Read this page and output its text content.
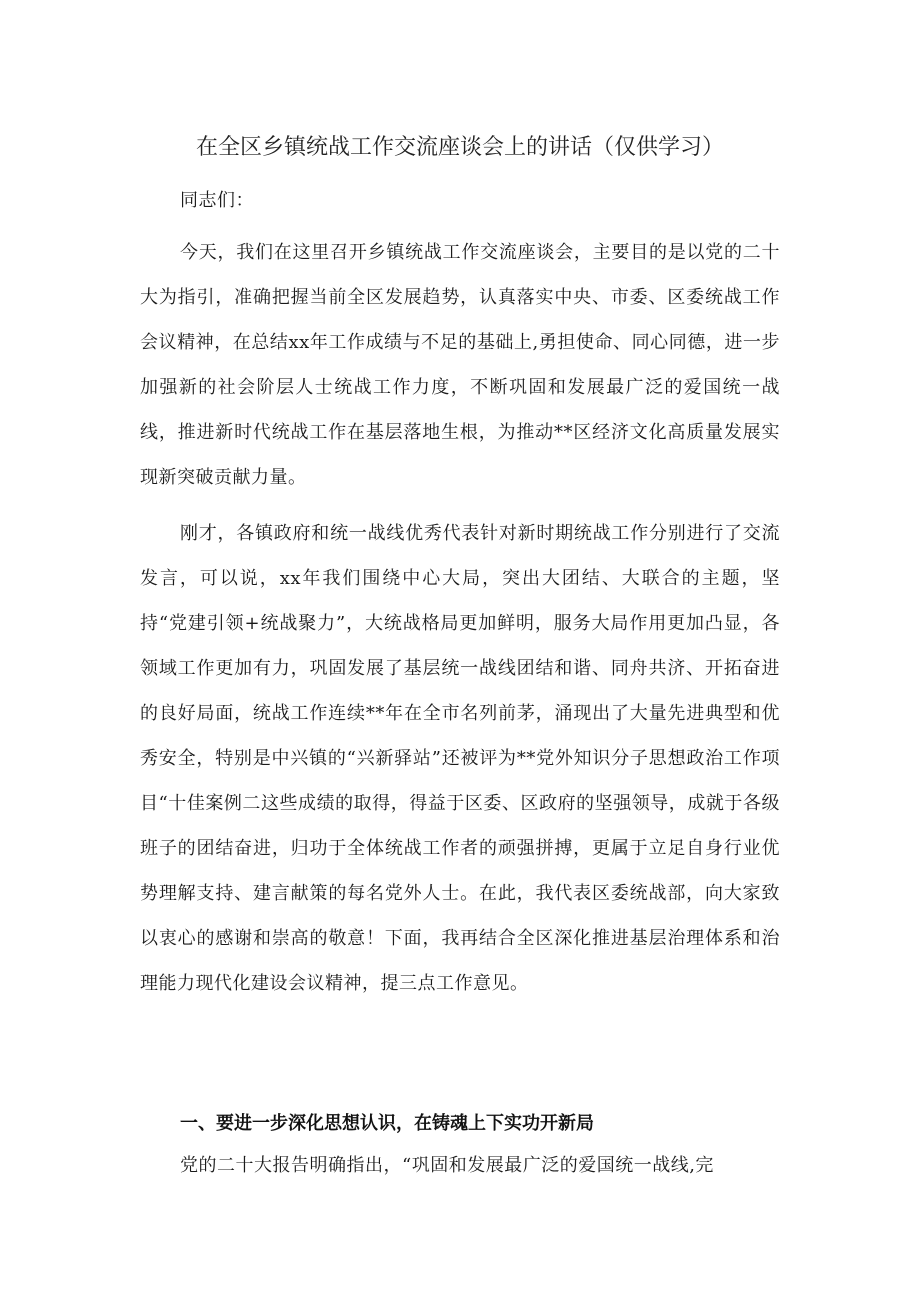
在全区乡镇统战工作交流座谈会上的讲话（仅供学习）

同志们：

今天，我们在这里召开乡镇统战工作交流座谈会，主要目的是以党的二十大为指引，准确把握当前全区发展趋势，认真落实中央、市委、区委统战工作会议精神，在总结xx年工作成绩与不足的基础上,勇担使命、同心同德，进一步加强新的社会阶层人士统战工作力度，不断巩固和发展最广泛的爱国统一战线，推进新时代统战工作在基层落地生根，为推动**区经济文化高质量发展实现新突破贡献力量。

刚才，各镇政府和统一战线优秀代表针对新时期统战工作分别进行了交流发言，可以说，xx年我们围绕中心大局，突出大团结、大联合的主题，坚持“党建引领+统战聚力”，大统战格局更加鲜明，服务大局作用更加凸显，各领域工作更加有力，巩固发展了基层统一战线团结和谐、同舟共济、开拓奋进的良好局面，统战工作连续**年在全市名列前茅，涌现出了大量先进典型和优秀安全，特别是中兴镇的“兴新驿站”还被评为**党外知识分子思想政治工作项目“十佳案例二这些成绩的取得，得益于区委、区政府的坚强领导，成就于各级班子的团结奋进，归功于全体统战工作者的顽强拼搏，更属于立足自身行业优势理解支持、建言献策的每名党外人士。在此，我代表区委统战部，向大家致以衷心的感谢和崇高的敬意！下面，我再结合全区深化推进基层治理体系和治理能力现代化建设会议精神，提三点工作意见。

一、要进一步深化思想认识，在铸魂上下实功开新局

党的二十大报告明确指出，“巩固和发展最广泛的爱国统一战线,完
